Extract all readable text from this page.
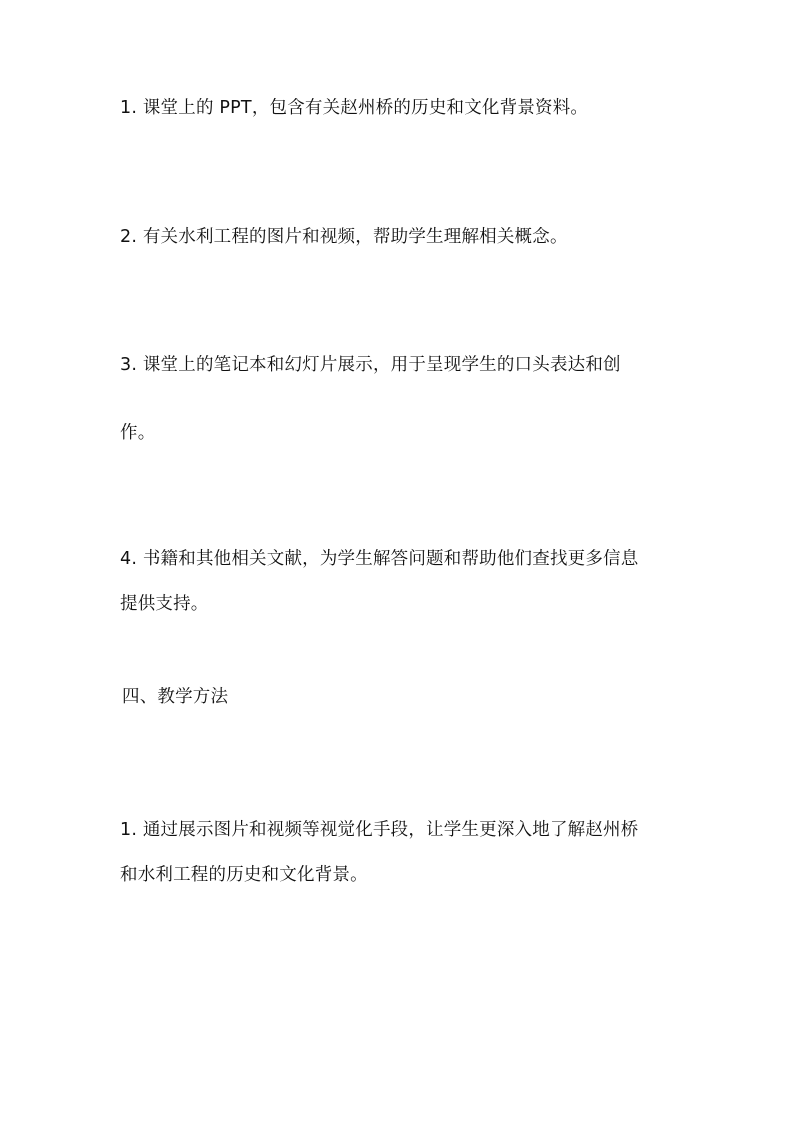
1. 课堂上的 PPT，包含有关赵州桥的历史和文化背景资料。
2. 有关水利工程的图片和视频，帮助学生理解相关概念。
3. 课堂上的笔记本和幻灯片展示，用于呈现学生的口头表达和创
作。
4. 书籍和其他相关文献，为学生解答问题和帮助他们查找更多信息
提供支持。
四、教学方法
1. 通过展示图片和视频等视觉化手段，让学生更深入地了解赵州桥
和水利工程的历史和文化背景。
